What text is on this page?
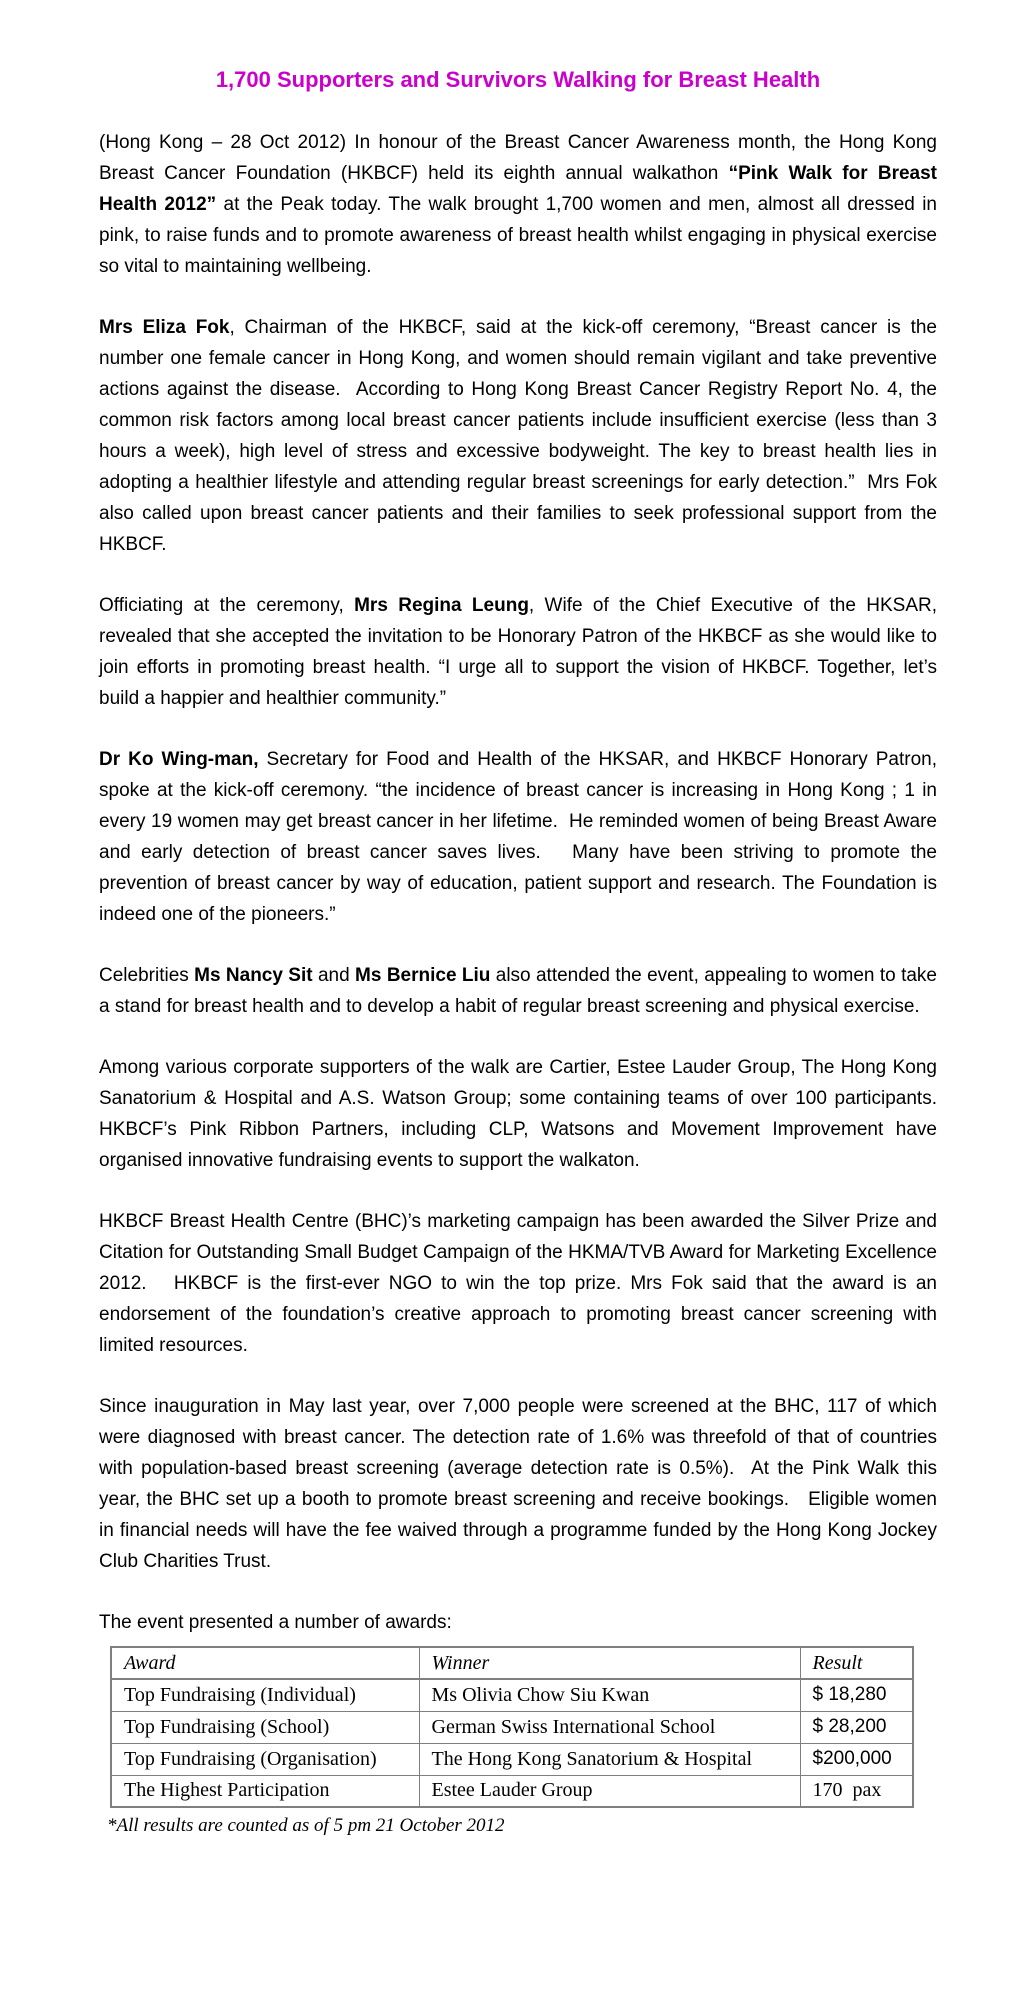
1,700 Supporters and Survivors Walking for Breast Health

(Hong Kong – 28 Oct 2012) In honour of the Breast Cancer Awareness month, the Hong Kong Breast Cancer Foundation (HKBCF) held its eighth annual walkathon “Pink Walk for Breast Health 2012” at the Peak today. The walk brought 1,700 women and men, almost all dressed in pink, to raise funds and to promote awareness of breast health whilst engaging in physical exercise so vital to maintaining wellbeing.

Mrs Eliza Fok, Chairman of the HKBCF, said at the kick-off ceremony, “Breast cancer is the number one female cancer in Hong Kong, and women should remain vigilant and take preventive actions against the disease.  According to Hong Kong Breast Cancer Registry Report No. 4, the common risk factors among local breast cancer patients include insufficient exercise (less than 3 hours a week), high level of stress and excessive bodyweight. The key to breast health lies in adopting a healthier lifestyle and attending regular breast screenings for early detection.”  Mrs Fok also called upon breast cancer patients and their families to seek professional support from the HKBCF.

Officiating at the ceremony, Mrs Regina Leung, Wife of the Chief Executive of the HKSAR, revealed that she accepted the invitation to be Honorary Patron of the HKBCF as she would like to join efforts in promoting breast health. “I urge all to support the vision of HKBCF. Together, let’s build a happier and healthier community.”

Dr Ko Wing-man, Secretary for Food and Health of the HKSAR, and HKBCF Honorary Patron, spoke at the kick-off ceremony. “the incidence of breast cancer is increasing in Hong Kong ; 1 in every 19 women may get breast cancer in her lifetime.  He reminded women of being Breast Aware and early detection of breast cancer saves lives.   Many have been striving to promote the prevention of breast cancer by way of education, patient support and research. The Foundation is indeed one of the pioneers.”

Celebrities Ms Nancy Sit and Ms Bernice Liu also attended the event, appealing to women to take a stand for breast health and to develop a habit of regular breast screening and physical exercise.

Among various corporate supporters of the walk are Cartier, Estee Lauder Group, The Hong Kong Sanatorium & Hospital and A.S. Watson Group; some containing teams of over 100 participants. HKBCF’s Pink Ribbon Partners, including CLP, Watsons and Movement Improvement have organised innovative fundraising events to support the walkaton.

HKBCF Breast Health Centre (BHC)’s marketing campaign has been awarded the Silver Prize and Citation for Outstanding Small Budget Campaign of the HKMA/TVB Award for Marketing Excellence 2012.   HKBCF is the first-ever NGO to win the top prize. Mrs Fok said that the award is an endorsement of the foundation’s creative approach to promoting breast cancer screening with limited resources.

Since inauguration in May last year, over 7,000 people were screened at the BHC, 117 of which were diagnosed with breast cancer. The detection rate of 1.6% was threefold of that of countries with population-based breast screening (average detection rate is 0.5%).  At the Pink Walk this year, the BHC set up a booth to promote breast screening and receive bookings.   Eligible women in financial needs will have the fee waived through a programme funded by the Hong Kong Jockey Club Charities Trust.

The event presented a number of awards:

Award	Winner	Result
Top Fundraising (Individual)	Ms Olivia Chow Siu Kwan	$ 18,280
Top Fundraising (School)	German Swiss International School	$ 28,200
Top Fundraising (Organisation)	The Hong Kong Sanatorium & Hospital	$200,000
The Highest Participation	Estee Lauder Group	170  pax

*All results are counted as of 5 pm 21 October 2012
